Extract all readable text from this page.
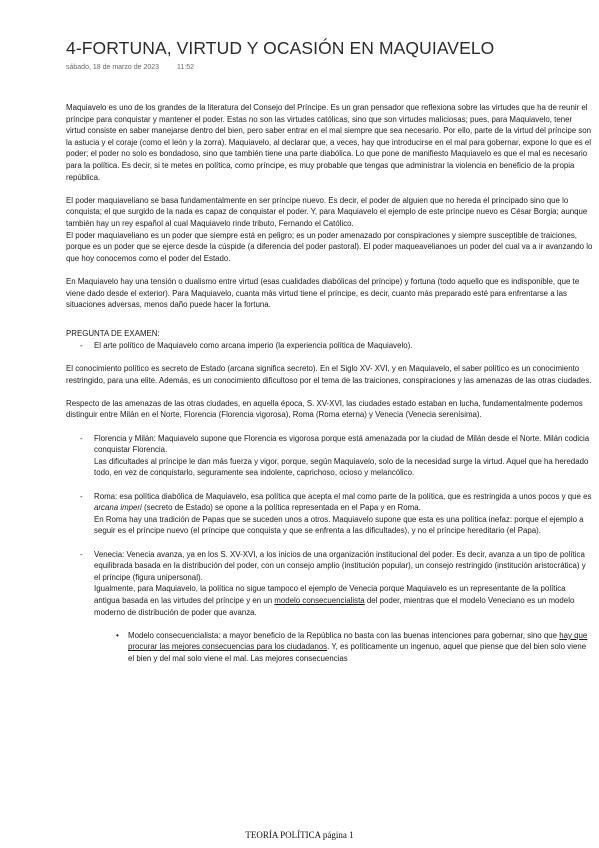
4-FORTUNA, VIRTUD Y OCASIÓN EN MAQUIAVELO
sábado, 18 de marzo de 2023	11:52

Maquiavelo es uno de los grandes de la literatura del Consejo del Príncipe. Es un gran pensador que reflexiona sobre las virtudes que ha de reunir el príncipe para conquistar y mantener el poder. Estas no son las virtudes católicas, sino que son virtudes maliciosas; pues, para Maquiavelo, tener virtud consiste en saber manejarse dentro del bien, pero saber entrar en el mal siempre que sea necesario. Por ello, parte de la virtud del príncipe son la astucia y el coraje (como el león y la zorra). Maquiavelo, al declarar que, a veces, hay que introducirse en el mal para gobernar, expone lo que es el poder; el poder no solo es bondadoso, sino que también tiene una parte diabólica. Lo que pone de manifiesto Maquiavelo es que el mal es necesario para la política. Es decir, si te metes en política, como príncipe, es muy probable que tengas que administrar la violencia en beneficio de la propia república.

El poder maquiaveliano se basa fundamentalmente en ser príncipe nuevo. Es decir, el poder de alguien que no hereda el principado sino que lo conquista; el que surgido de la nada es capaz de conquistar el poder. Y, para Maquiavelo el ejemplo de este príncipe nuevo es César Borgia; aunque también hay un rey español al cual Maquiavelo rinde tributo, Fernando el Católico.

El poder maquiaveliano es un poder que siempre está en peligro; es un poder amenazado por conspiraciones y siempre susceptible de traiciones, porque es un poder que se ejerce desde la cúspide (a diferencia del poder pastoral). El poder maqueavelianoes un poder del cual va a ir avanzando lo que hoy conocemos como el poder del Estado.

En Maquiavelo hay una tensión o dualismo entre virtud (esas cualidades diabólicas del príncipe) y fortuna (todo aquello que es indisponible, que te viene dado desde el exterior). Para Maquiavelo, cuanta más virtud tiene el príncipe, es decir, cuanto más preparado esté para enfrentarse a las situaciones adversas, menos daño puede hacer la fortuna.

PREGUNTA DE EXAMEN:

- El arte político de Maquiavelo como arcana imperio (la experiencia política de Maquiavelo).

El conocimiento político es secreto de Estado (arcana significa secreto). En el Siglo XV- XVI, y en Maquiavelo, el saber político es un conocimiento restringido, para una elite. Además, es un conocimiento dificultoso por el tema de las traiciones, conspiraciones y las amenazas de las otras ciudades.

Respecto de las amenazas de las otras ciudades, en aquella época, S. XV-XVI, las ciudades estado estaban en lucha, fundamentalmente podemos distinguir entre Milán en el Norte, Florencia (Florencia vigorosa), Roma (Roma eterna) y Venecia (Venecia serenísima).

- Florencia y Milán: Maquiavelo supone que Florencia es vigorosa porque está amenazada por la ciudad de Milán desde el Norte. Milán codicia conquistar Florencia.

Las dificultades al príncipe le dan más fuerza y vigor, porque, según Maquiavelo, solo de la necesidad surge la virtud. Aquel que ha heredado todo, en vez de conquistarlo, seguramente sea indolente, caprichoso, ocioso y melancólico.

- Roma: esa política diabólica de Maquiavelo, esa política que acepta el mal como parte de la política, que es restringida a unos pocos y que es arcana imperi (secreto de Estado) se opone a la política representada en el Papa y en Roma.

En Roma hay una tradición de Papas que se suceden unos a otros. Maquiavelo supone que esta es una política inefaz: porque el ejemplo a seguir es el príncipe nuevo (el príncipe que conquista y que se enfrenta a las dificultades), y no el príncipe hereditario (el Papa).

- Venecia: Venecia avanza, ya en los S. XV-XVI, a los inicios de una organización institucional del poder. Es decir, avanza a un tipo de política equilibrada basada en la distribución del poder, con un consejo amplio (institución popular), un consejo restringido (institución aristocrática) y el príncipe (figura unipersonal).

Igualmente, para Maquiavelo, la política no sigue tampoco el ejemplo de Venecia porque Maquiavelo es un representante de la política antigua basada en las virtudes del príncipe y en un modelo consecuencialista del poder, mientras que el modelo Veneciano es un modelo moderno de distribución de poder que avanza.

• Modelo consecuencialista: a mayor beneficio de la República no basta con las buenas intenciones para gobernar, sino que hay que procurar las mejores consecuencias para los ciudadanos. Y, es políticamente un ingenuo, aquel que piense que del bien solo viene el bien y del mal solo viene el mal. Las mejores consecuencias

TEORÍA POLÍTICA página 1
